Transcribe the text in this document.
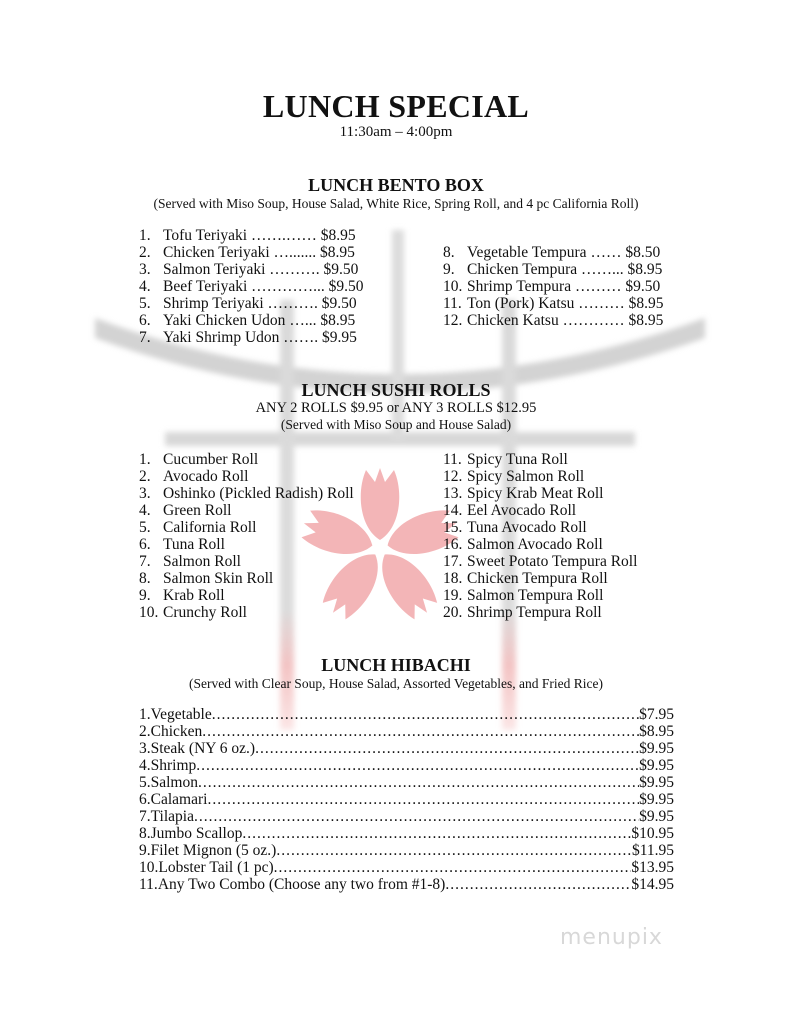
LUNCH SPECIAL
11:30am – 4:00pm
LUNCH BENTO BOX
(Served with Miso Soup, House Salad, White Rice, Spring Roll, and 4 pc California Roll)
1. Tofu Teriyaki …….…… $8.95
2. Chicken Teriyaki …....... $8.95
3. Salmon Teriyaki ………. $9.50
4. Beef Teriyaki …………... $9.50
5. Shrimp Teriyaki ………. $9.50
6. Yaki Chicken Udon …... $8.95
7. Yaki Shrimp Udon ……. $9.95
8. Vegetable Tempura …… $8.50
9. Chicken Tempura ……... $8.95
10. Shrimp Tempura ……… $9.50
11. Ton (Pork) Katsu ……… $8.95
12. Chicken Katsu ………… $8.95
LUNCH SUSHI ROLLS
ANY 2 ROLLS $9.95 or ANY 3 ROLLS $12.95
(Served with Miso Soup and House Salad)
1. Cucumber Roll
2. Avocado Roll
3. Oshinko (Pickled Radish) Roll
4. Green Roll
5. California Roll
6. Tuna Roll
7. Salmon Roll
8. Salmon Skin Roll
9. Krab Roll
10. Crunchy Roll
11. Spicy Tuna Roll
12. Spicy Salmon Roll
13. Spicy Krab Meat Roll
14. Eel Avocado Roll
15. Tuna Avocado Roll
16. Salmon Avocado Roll
17. Sweet Potato Tempura Roll
18. Chicken Tempura Roll
19. Salmon Tempura Roll
20. Shrimp Tempura Roll
LUNCH HIBACHI
(Served with Clear Soup, House Salad, Assorted Vegetables, and Fried Rice)
1. Vegetable .....	$7.95
2. Chicken .....	$8.95
3. Steak (NY 6 oz.) .....	$9.95
4. Shrimp .....	$9.95
5. Salmon .....	$9.95
6. Calamari .....	$9.95
7. Tilapia .....	$9.95
8. Jumbo Scallop .....	$10.95
9. Filet Mignon (5 oz.) .....	$11.95
10. Lobster Tail (1 pc) .....	$13.95
11. Any Two Combo (Choose any two from #1-8) .....	$14.95
menupix
